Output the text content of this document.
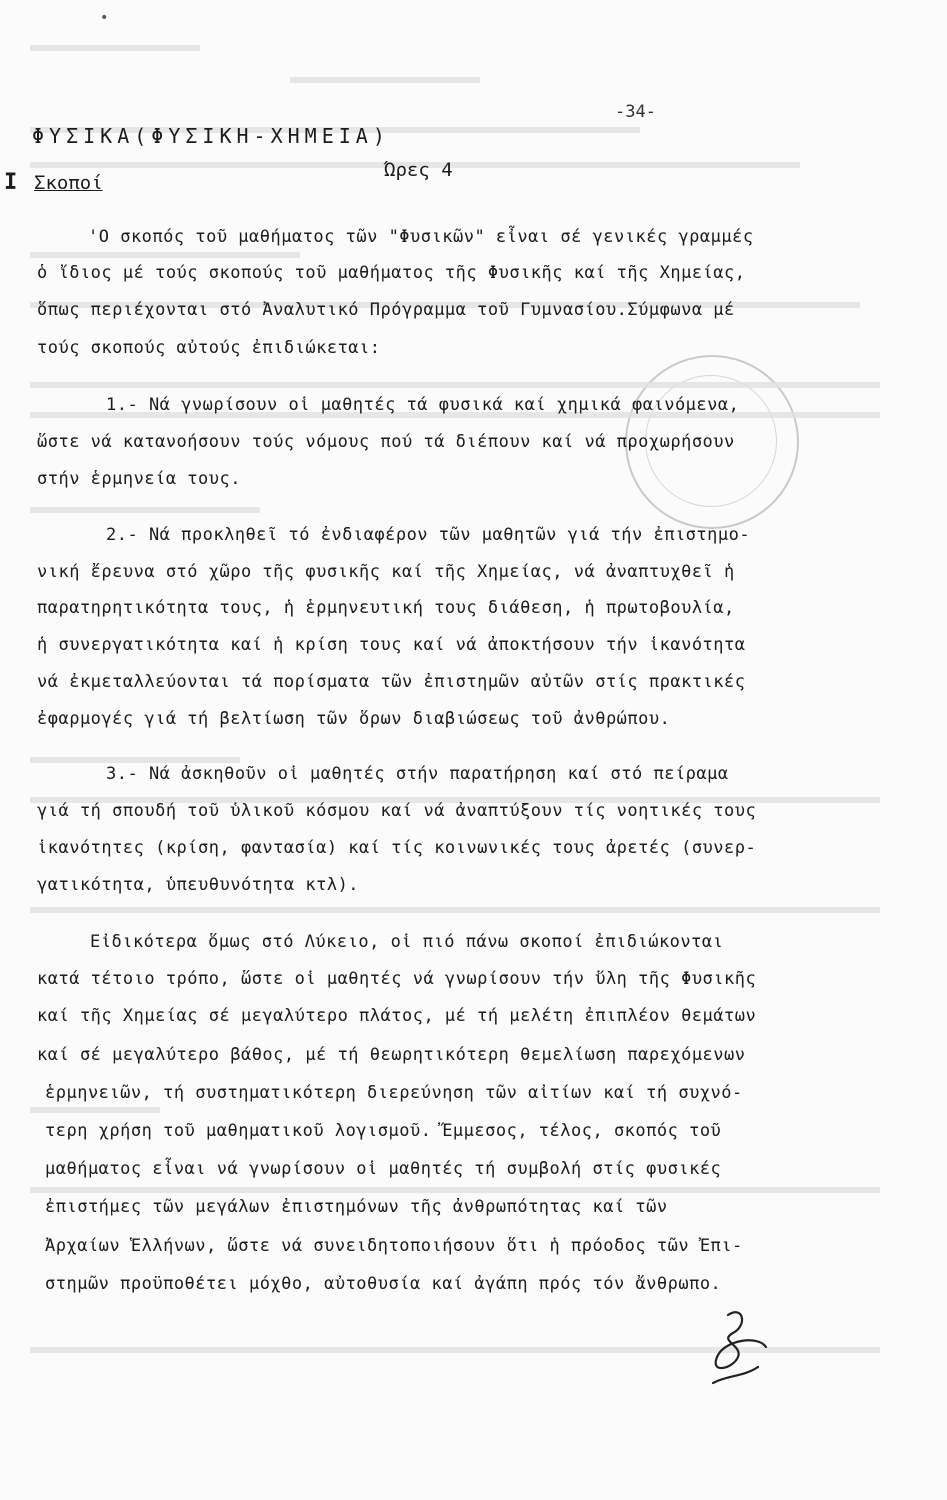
•
-34-
ΦΥΣΙΚΑ(ΦΥΣΙΚΗ-ΧΗΜΕΙΑ)
Ι Σκοποί
Ώρες 4
'Ο σκοπός τοῦ μαθήματος τῶν "Φυσικῶν" εἶναι σέ γενικές γραμμές
ὁ ἴδιος μέ τούς σκοπούς τοῦ μαθήματος τῆς Φυσικῆς καί τῆς Χημείας,
ὅπως περιέχονται στό Ἀναλυτικό Πρόγραμμα τοῦ Γυμνασίου.Σύμφωνα μέ
τούς σκοπούς αὐτούς ἐπιδιώκεται:
1.- Νά γνωρίσουν οἱ μαθητές τά φυσικά καί χημικά φαινόμενα,
ὥστε νά κατανοήσουν τούς νόμους πού τά διέπουν καί νά προχωρήσουν
στήν ἑρμηνεία τους.
2.- Νά προκληθεῖ τό ἐνδιαφέρον τῶν μαθητῶν γιά τήν ἐπιστημο-
νική ἔρευνα στό χῶρο τῆς φυσικῆς καί τῆς Χημείας, νά ἀναπτυχθεῖ ἡ
παρατηρητικότητα τους, ἡ ἑρμηνευτική τους διάθεση, ἡ πρωτοβουλία,
ἡ συνεργατικότητα καί ἡ κρίση τους καί νά ἀποκτήσουν τήν ἱκανότητα
νά ἐκμεταλλεύονται τά πορίσματα τῶν ἐπιστημῶν αὐτῶν στίς πρακτικές
ἐφαρμογές γιά τή βελτίωση τῶν ὅρων διαβιώσεως τοῦ ἀνθρώπου.
3.- Νά ἀσκηθοῦν οἱ μαθητές στήν παρατήρηση καί στό πείραμα
γιά τή σπουδή τοῦ ὑλικοῦ κόσμου καί νά ἀναπτύξουν τίς νοητικές τους
ἱκανότητες (κρίση, φαντασία) καί τίς κοινωνικές τους ἀρετές (συνερ-
γατικότητα, ὑπευθυνότητα κτλ).
Εἰδικότερα ὅμως στό Λύκειο, οἱ πιό πάνω σκοποί ἐπιδιώκονται
κατά τέτοιο τρόπο, ὥστε οἱ μαθητές νά γνωρίσουν τήν ὕλη τῆς Φυσικῆς
καί τῆς Χημείας σέ μεγαλύτερο πλάτος, μέ τή μελέτη ἐπιπλέον θεμάτων
καί σέ μεγαλύτερο βάθος, μέ τή θεωρητικότερη θεμελίωση παρεχόμενων
ἑρμηνειῶν, τή συστηματικότερη διερεύνηση τῶν αἰτίων καί τή συχνό-
τερη χρήση τοῦ μαθηματικοῦ λογισμοῦ. Ἔμμεσος, τέλος, σκοπός τοῦ
μαθήματος εἶναι νά γνωρίσουν οἱ μαθητές τή συμβολή στίς φυσικές
ἐπιστήμες τῶν μεγάλων ἐπιστημόνων τῆς ἀνθρωπότητας καί τῶν
Ἀρχαίων Ἑλλήνων, ὥστε νά συνειδητοποιήσουν ὅτι ἡ πρόοδος τῶν Ἐπι-
στημῶν προϋποθέτει μόχθο, αὐτοθυσία καί ἀγάπη πρός τόν ἄνθρωπο.
